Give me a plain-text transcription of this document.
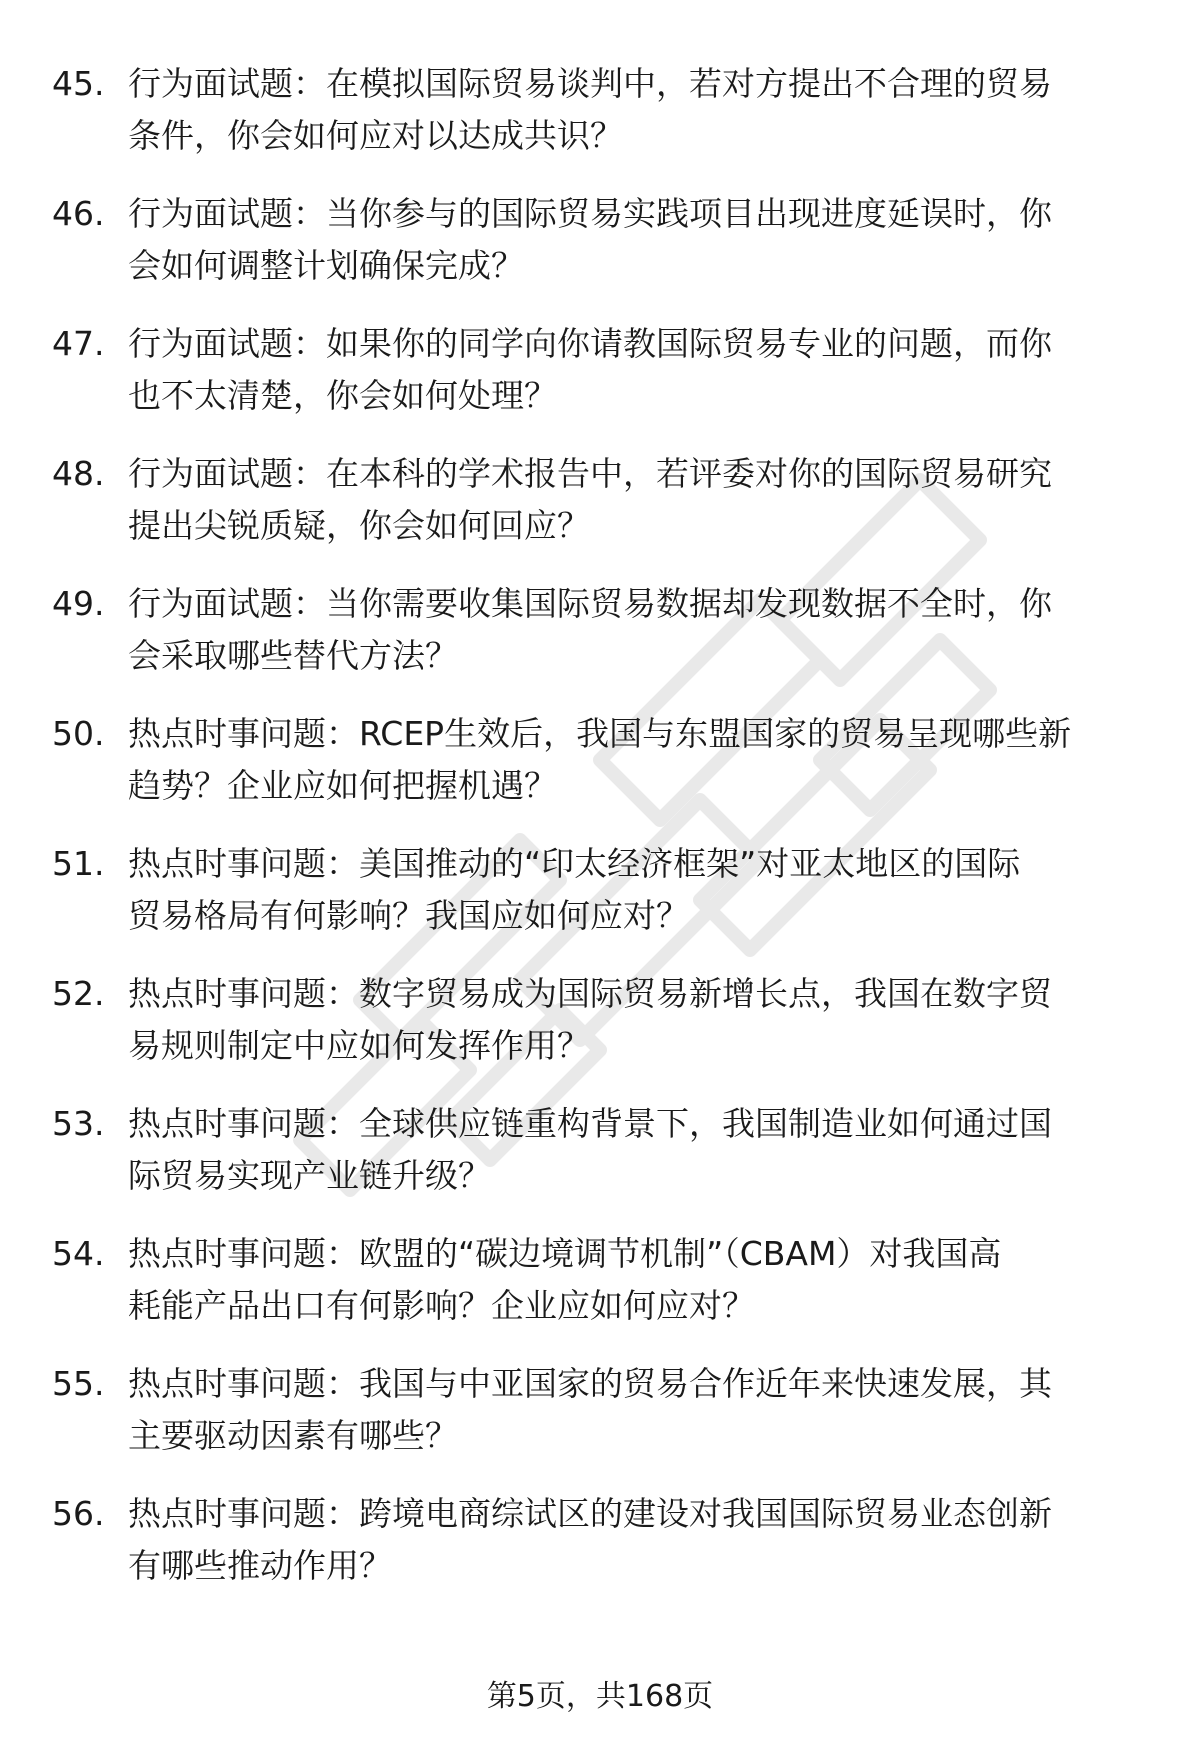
45. 行为面试题：在模拟国际贸易谈判中，若对方提出不合理的贸易
条件，你会如何应对以达成共识？
46. 行为面试题：当你参与的国际贸易实践项目出现进度延误时，你
会如何调整计划确保完成？
47. 行为面试题：如果你的同学向你请教国际贸易专业的问题，而你
也不太清楚，你会如何处理？
48. 行为面试题：在本科的学术报告中，若评委对你的国际贸易研究
提出尖锐质疑，你会如何回应？
49. 行为面试题：当你需要收集国际贸易数据却发现数据不全时，你
会采取哪些替代方法？
50. 热点时事问题：RCEP生效后，我国与东盟国家的贸易呈现哪些新
趋势？企业应如何把握机遇？
51. 热点时事问题：美国推动的“印太经济框架”对亚太地区的国际
贸易格局有何影响？我国应如何应对？
52. 热点时事问题：数字贸易成为国际贸易新增长点，我国在数字贸
易规则制定中应如何发挥作用？
53. 热点时事问题：全球供应链重构背景下，我国制造业如何通过国
际贸易实现产业链升级？
54. 热点时事问题：欧盟的“碳边境调节机制”（CBAM）对我国高
耗能产品出口有何影响？企业应如何应对？
55. 热点时事问题：我国与中亚国家的贸易合作近年来快速发展，其
主要驱动因素有哪些？
56. 热点时事问题：跨境电商综试区的建设对我国国际贸易业态创新
有哪些推动作用？
第5页，共168页
